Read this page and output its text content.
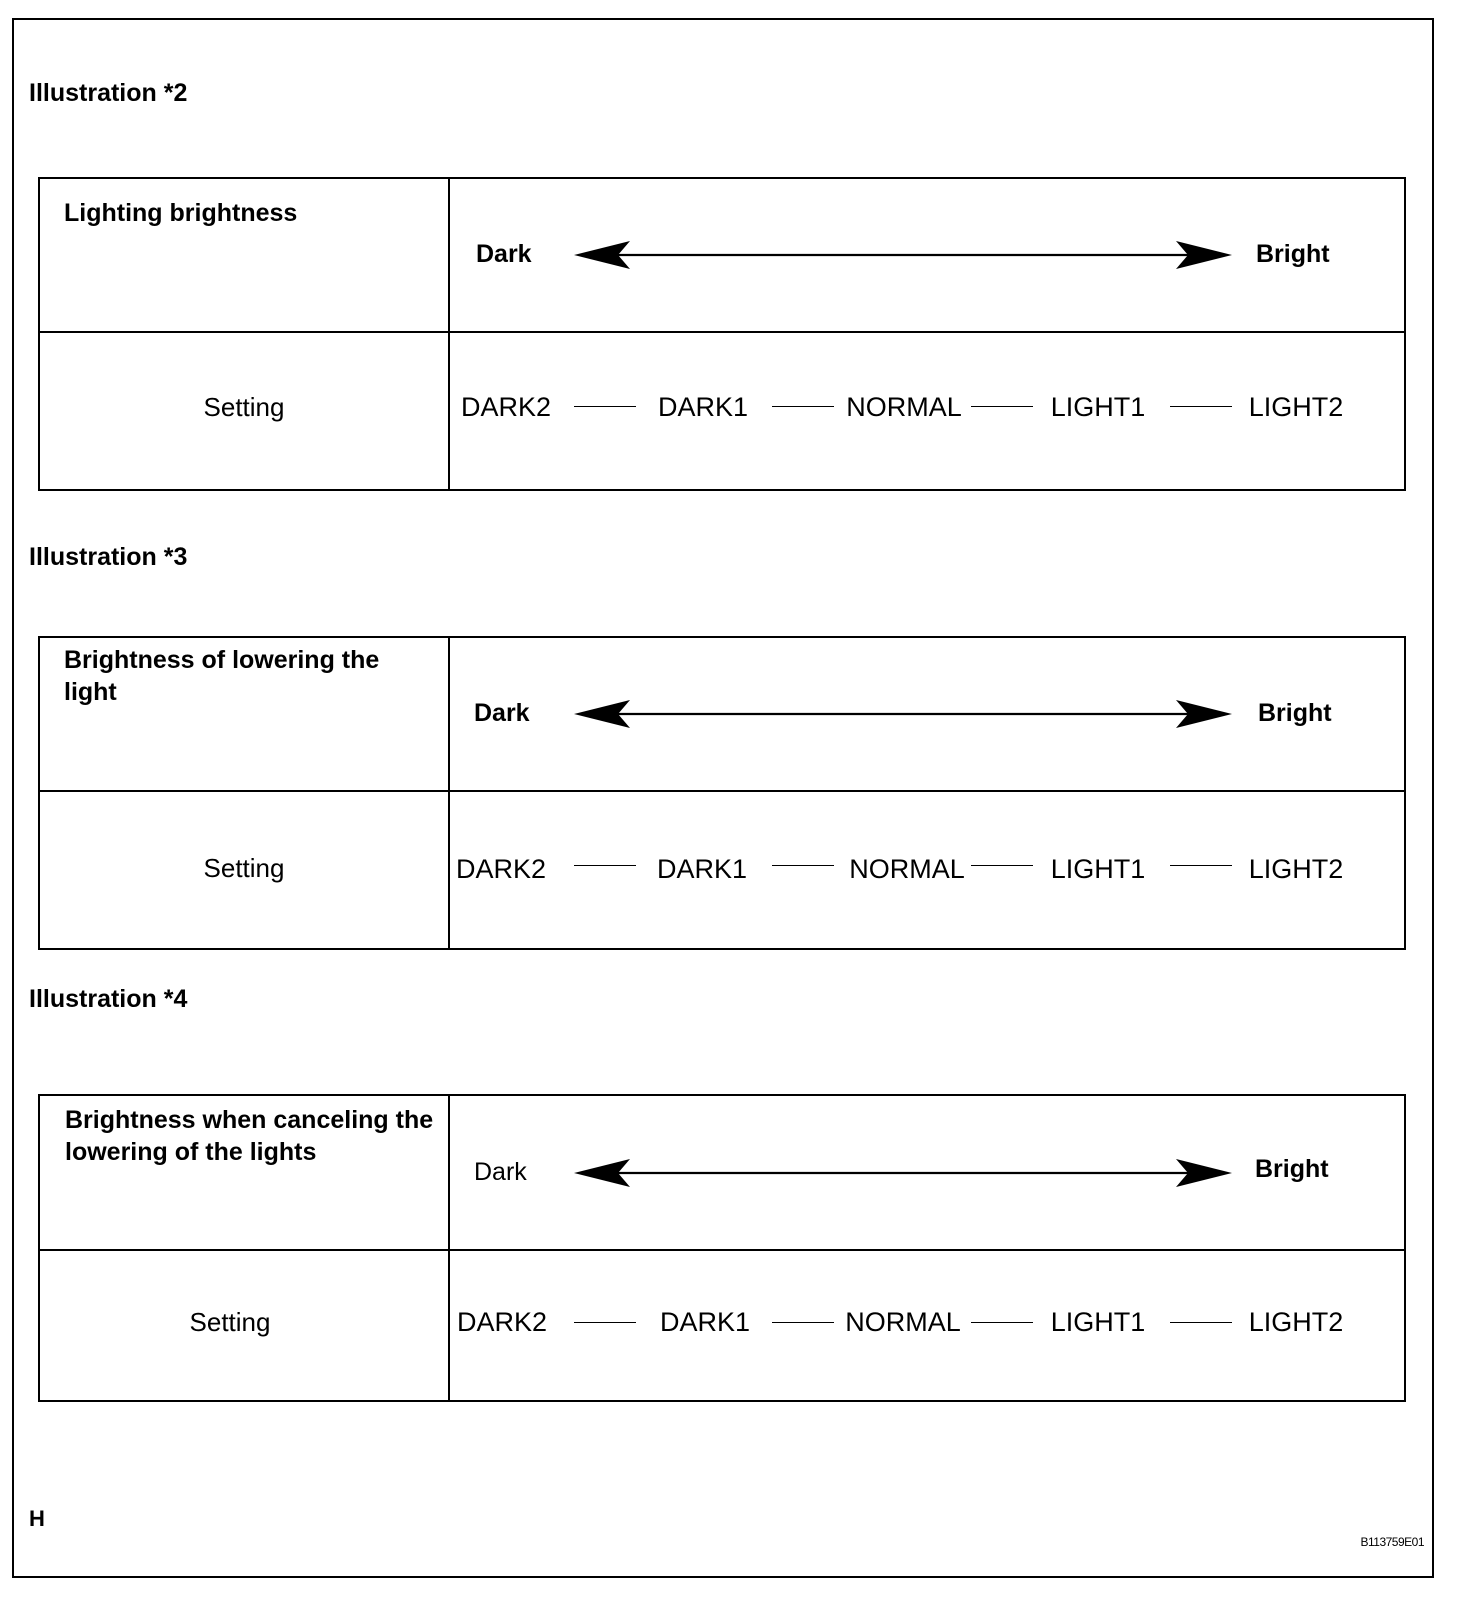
Illustration *2
Lighting brightness
Dark	Bright
Setting	DARK2	DARK1	NORMAL	LIGHT1	LIGHT2
Illustration *3
Brightness of lowering the light
Dark	Bright
Setting	DARK2	DARK1	NORMAL	LIGHT1	LIGHT2
Illustration *4
Brightness when canceling the lowering of the lights
Dark	Bright
Setting	DARK2	DARK1	NORMAL	LIGHT1	LIGHT2
H
B113759E01
